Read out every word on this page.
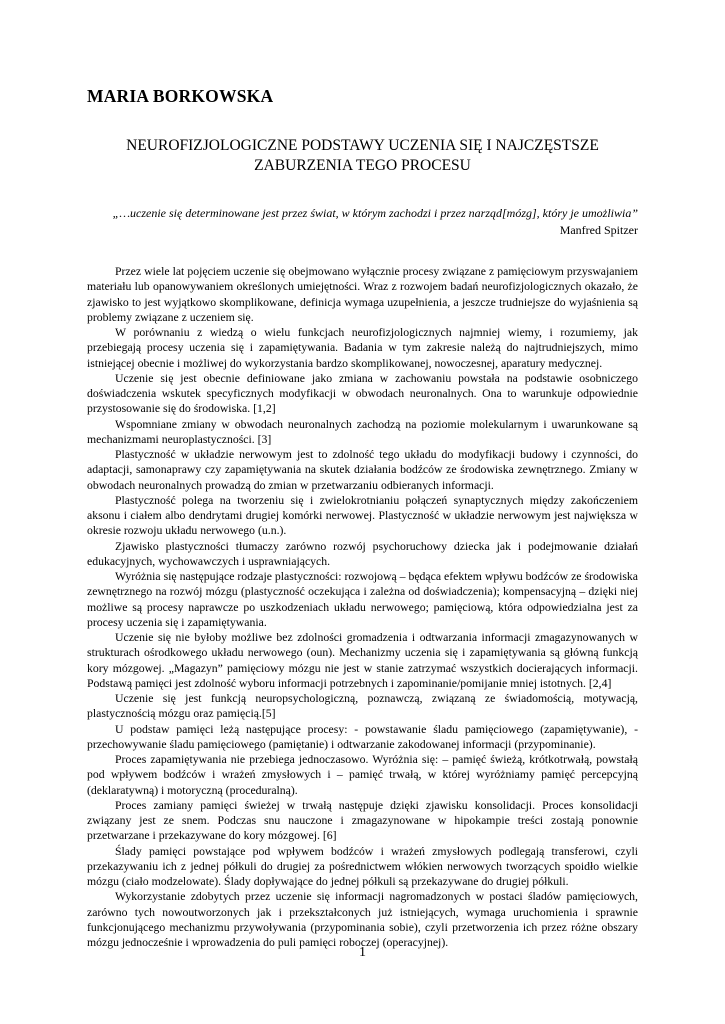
MARIA BORKOWSKA
NEUROFIZJOLOGICZNE PODSTAWY UCZENIA SIĘ I NAJCZĘSTSZE
ZABURZENIA TEGO PROCESU
„…uczenie się determinowane jest przez świat, w którym zachodzi i przez narząd[mózg], który je umożliwia”
Manfred Spitzer

Przez wiele lat pojęciem uczenie się obejmowano wyłącznie procesy związane z pamięciowym przyswajaniem materiału lub opanowywaniem określonych umiejętności. Wraz z rozwojem badań neurofizjologicznych okazało, że zjawisko to jest wyjątkowo skomplikowane, definicja wymaga uzupełnienia, a jeszcze trudniejsze do wyjaśnienia są problemy związane z uczeniem się.

W porównaniu z wiedzą o wielu funkcjach neurofizjologicznych najmniej wiemy, i rozumiemy, jak przebiegają procesy uczenia się i zapamiętywania. Badania w tym zakresie należą do najtrudniejszych, mimo istniejącej obecnie i możliwej do wykorzystania bardzo skomplikowanej, nowoczesnej, aparatury medycznej.

Uczenie się jest obecnie definiowane jako zmiana w zachowaniu powstała na podstawie osobniczego doświadczenia wskutek specyficznych modyfikacji w obwodach neuronalnych. Ona to warunkuje odpowiednie przystosowanie się do środowiska. [1,2]

Wspomniane zmiany w obwodach neuronalnych zachodzą na poziomie molekularnym i uwarunkowane są mechanizmami neuroplastyczności. [3]

Plastyczność w układzie nerwowym jest to zdolność tego układu do modyfikacji budowy i czynności, do adaptacji, samonaprawy czy zapamiętywania na skutek działania bodźców ze środowiska zewnętrznego. Zmiany w obwodach neuronalnych prowadzą do zmian w przetwarzaniu odbieranych informacji.

Plastyczność polega na tworzeniu się i zwielokrotnianiu połączeń synaptycznych między zakończeniem aksonu i ciałem albo dendrytami drugiej komórki nerwowej. Plastyczność w układzie nerwowym jest największa w okresie rozwoju układu nerwowego (u.n.).

Zjawisko plastyczności tłumaczy zarówno rozwój psychoruchowy dziecka jak i podejmowanie działań edukacyjnych, wychowawczych i usprawniających.

Wyróżnia się następujące rodzaje plastyczności: rozwojową – będąca efektem wpływu bodźców ze środowiska zewnętrznego na rozwój mózgu (plastyczność oczekująca i zależna od doświadczenia); kompensacyjną – dzięki niej możliwe są procesy naprawcze po uszkodzeniach układu nerwowego; pamięciową, która odpowiedzialna jest za procesy uczenia się i zapamiętywania.

Uczenie się nie byłoby możliwe bez zdolności gromadzenia i odtwarzania informacji zmagazynowanych w strukturach ośrodkowego układu nerwowego (oun). Mechanizmy uczenia się i zapamiętywania są główną funkcją kory mózgowej. „Magazyn” pamięciowy mózgu nie jest w stanie zatrzymać wszystkich docierających informacji. Podstawą pamięci jest zdolność wyboru informacji potrzebnych i zapominanie/pomijanie mniej istotnych. [2,4]

Uczenie się jest funkcją neuropsychologiczną, poznawczą, związaną ze świadomością, motywacją, plastycznością mózgu oraz pamięcią.[5]

U podstaw pamięci leżą następujące procesy: - powstawanie śladu pamięciowego (zapamiętywanie), - przechowywanie śladu pamięciowego (pamiętanie) i odtwarzanie zakodowanej informacji (przypominanie).

Proces zapamiętywania nie przebiega jednoczasowo. Wyróżnia się: – pamięć świeżą, krótkotrwałą, powstałą pod wpływem bodźców i wrażeń zmysłowych i – pamięć trwałą, w której wyróżniamy pamięć percepcyjną (deklaratywną) i motoryczną (proceduralną).

Proces zamiany pamięci świeżej w trwałą następuje dzięki zjawisku konsolidacji. Proces konsolidacji związany jest ze snem. Podczas snu nauczone i zmagazynowane w hipokampie treści zostają ponownie przetwarzane i przekazywane do kory mózgowej. [6]

Ślady pamięci powstające pod wpływem bodźców i wrażeń zmysłowych podlegają transferowi, czyli przekazywaniu ich z jednej półkuli do drugiej za pośrednictwem włókien nerwowych tworzących spoidło wielkie mózgu (ciało modzelowate). Ślady dopływające do jednej półkuli są przekazywane do drugiej półkuli.

Wykorzystanie zdobytych przez uczenie się informacji nagromadzonych w postaci śladów pamięciowych, zarówno tych nowoutworzonych jak i przekształconych już istniejących, wymaga uruchomienia i sprawnie funkcjonującego mechanizmu przywoływania (przypominania sobie), czyli przetworzenia ich przez różne obszary mózgu jednocześnie i wprowadzenia do puli pamięci roboczej (operacyjnej).

1
